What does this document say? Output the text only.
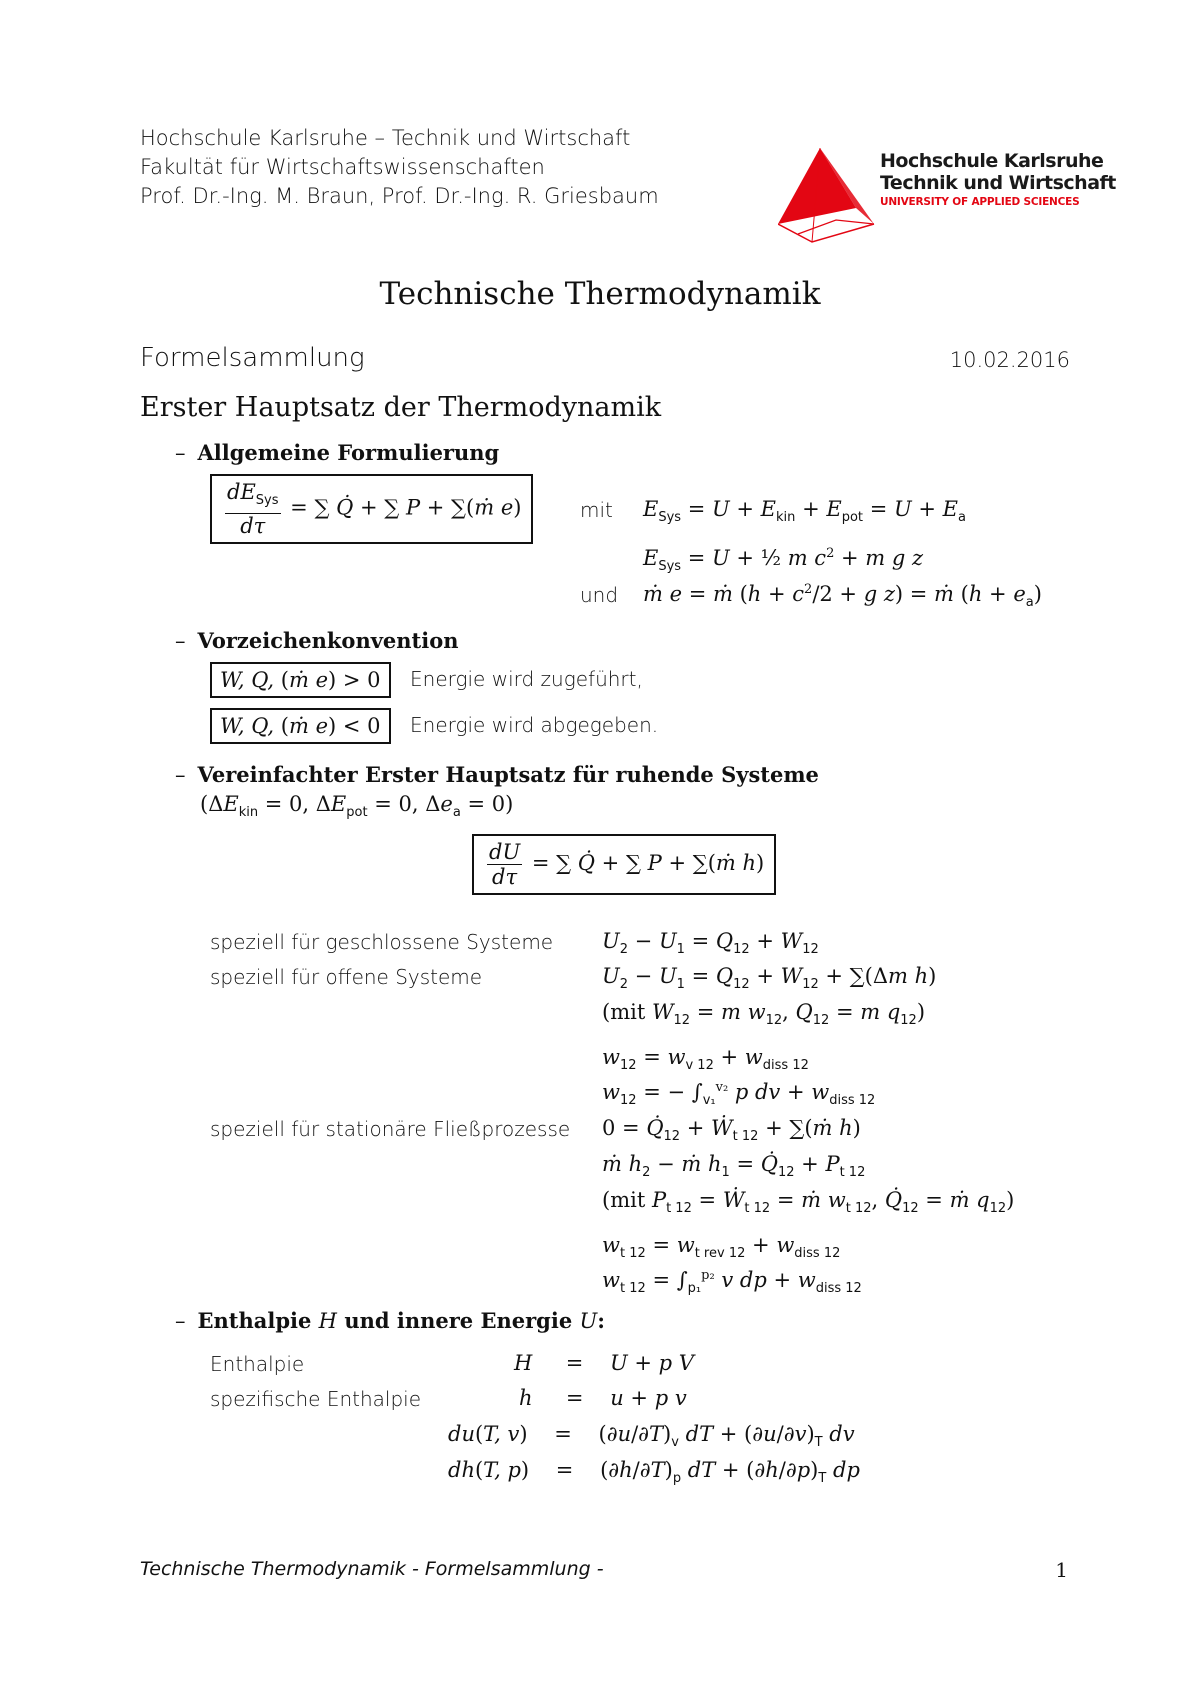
Hochschule Karlsruhe – Technik und Wirtschaft
Fakultät für Wirtschaftswissenschaften
Prof. Dr.-Ing. M. Braun, Prof. Dr.-Ing. R. Griesbaum
Hochschule Karlsruhe
Technik und Wirtschaft
UNIVERSITY OF APPLIED SCIENCES
Technische Thermodynamik
Formelsammlung	10.02.2016
Erster Hauptsatz der Thermodynamik
– Allgemeine Formulierung
$\frac{dE_{Sys}}{d\tau}$ = ∑ Q̇ + ∑ P + ∑(ṁ e)	mit $E_{Sys} = U + E_{kin} + E_{pot} = U + E_a$
$E_{Sys} = U$ + ½ m $c^2 + m$ g z
und ṁ e = ṁ ($h + c^2/2 + g$ z) = ṁ $(h + e_a)$
– Vorzeichenkonvention
W, Q, (ṁ e) > 0	Energie wird zugeführt,
W, Q, (ṁ e) < 0	Energie wird abgegeben.
– Vereinfachter Erster Hauptsatz für ruhende Systeme
($\Delta E_{kin} = 0$, $\Delta E_{pot} = 0$, $\Delta e_a = 0$)
$\frac{dU}{d\tau}$ = ∑ Q̇ + ∑ P + ∑(ṁ h)
speziell für geschlossene Systeme $U_2 - U_1 = Q_{12} + W_{12}$
speziell für offene Systeme	$U_2 - U_1 = Q_{12} + W_{12} + \sum(\Delta m$ h)
(mit $W_{12} = m$ $w_{12}$, $Q_{12} = m$ $q_{12}$)
$w_{12} = w_{v 12} + w_{diss 12}$
$w_{12}$ = − $\int_{v_1}^{v_2}$ p dv + $w_{diss 12}$
speziell für stationäre Fließprozesse $0 = Q̇_{12}$ + Ẇ$_{t 12}$ + ∑(ṁ h)
ṁ $h_2$ − ṁ $h_1$ = $Q̇_{12} + P_{t 12}$
(mit $P_{t 12}$ = Ẇ$_{t 12}$ = ṁ $w_{t 12}$, $Q̇_{12}$ = ṁ $q_{12}$)
$w_{t 12} = w_{t rev 12} + w_{diss 12}$
$w_{t 12} = \int_{p_1}^{p_2}$ v dp + $w_{diss 12}$
– Enthalpie H und innere Energie U:
Enthalpie	H     =    U + p V
spezifische Enthalpie	h     =    u + p v
du(T, v)    =    $(\partial u/\partial T)_v$ dT + $(\partial u/\partial v)_T$ dv
dh(T, p)    =    $(\partial h/\partial T)_p$ dT + $(\partial h/\partial p)_T$ dp
Technische Thermodynamik - Formelsammlung -	1
